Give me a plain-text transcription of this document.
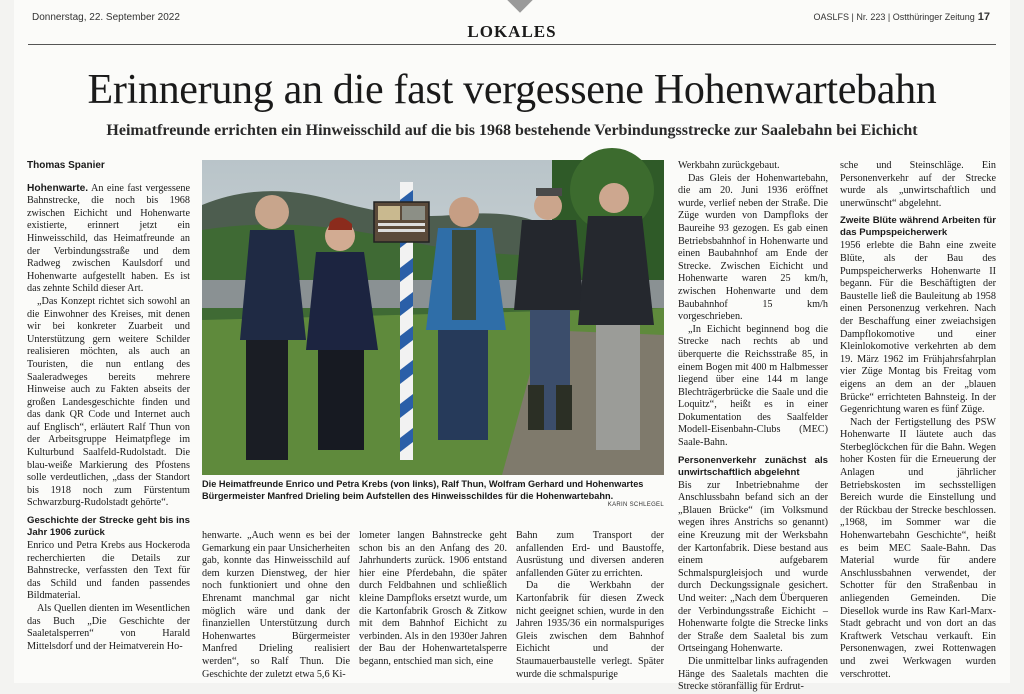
Donnerstag, 22. September 2022
LOKALES
OASLFS | Nr. 223 | Ostthüringer Zeitung 17
Erinnerung an die fast vergessene Hohenwartebahn
Heimatfreunde errichten ein Hinweisschild auf die bis 1968 bestehende Verbindungsstrecke zur Saalebahn bei Eichicht
Thomas Spanier

Hohenwarte. An eine fast vergessene Bahnstrecke, die noch bis 1968 zwischen Eichicht und Hohenwarte existierte, erinnert jetzt ein Hinweisschild, das Heimatfreunde an der Verbindungsstraße und dem Radweg zwischen Kaulsdorf und Hohenwarte aufgestellt haben. Es ist das zehnte Schild dieser Art.

„Das Konzept richtet sich sowohl an die Einwohner des Kreises, mit denen wir bei konkreter Zuarbeit und Unterstützung gern weitere Schilder realisieren möchten, als auch an Touristen, die nun entlang des Saaleradweges bereits mehrere Hinweise auch zu Fakten abseits der großen Landesgeschichte finden und das dank QR Code und Internet auch auf Englisch“, erläutert Ralf Thun von der Arbeitsgruppe Heimatpflege im Kulturbund Saalfeld-Rudolstadt. Die blau-weiße Markierung des Pfostens solle verdeutlichen, „dass der Standort bis 1918 noch zum Fürstentum Schwarzburg-Rudolstadt gehörte“.

Geschichte der Strecke geht bis ins Jahr 1906 zurück

Enrico und Petra Krebs aus Hockeroda recherchierten die Details zur Bahnstrecke, verfassten den Text für das Schild und fanden passendes Bildmaterial.

Als Quellen dienten im Wesentlichen das Buch „Die Geschichte der Saaletalsperren“ von Harald Mittelsdorf und der Heimatverein Ho-

Die Heimatfreunde Enrico und Petra Krebs (von links), Ralf Thun, Wolfram Gerhard und Hohenwartes Bürgermeister Manfred Drieling beim Aufstellen des Hinweisschildes für die Hohenwartebahn.
KARIN SCHLEGEL

henwarte. „Auch wenn es bei der Gemarkung ein paar Unsicherheiten gab, konnte das Hinweisschild auf dem kurzen Dienstweg, der hier noch funktioniert und ohne den Ehrenamt manchmal gar nicht möglich wäre und dank der finanziellen Unterstützung durch Hohenwartes Bürgermeister Manfred Drieling realisiert werden“, so Ralf Thun. Die Geschichte der zuletzt etwa 5,6 Ki-

lometer langen Bahnstrecke geht schon bis an den Anfang des 20. Jahrhunderts zurück. 1906 entstand hier eine Pferdebahn, die später durch Feldbahnen und schließlich kleine Dampfloks ersetzt wurde, um die Kartonfabrik Grosch & Zitkow mit dem Bahnhof Eichicht zu verbinden. Als in den 1930er Jahren der Bau der Hohenwartetalsperre begann, entschied man sich, eine

Bahn zum Transport der anfallenden Erd- und Baustoffe, Ausrüstung und diversen anderen anfallenden Güter zu errichten.

Da die Werkbahn der Kartonfabrik für diesen Zweck nicht geeignet schien, wurde in den Jahren 1935/36 ein normalspuriges Gleis zwischen dem Bahnhof Eichicht und der Staumauerbaustelle verlegt. Später wurde die schmalspurige

Werkbahn zurückgebaut.

Das Gleis der Hohenwartebahn, die am 20. Juni 1936 eröffnet wurde, verlief neben der Straße. Die Züge wurden von Dampfloks der Baureihe 93 gezogen. Es gab einen Betriebsbahnhof in Hohenwarte und einen Baubahnhof am Ende der Strecke. Zwischen Eichicht und Hohenwarte waren 25 km/h, zwischen Hohenwarte und dem Baubahnhof 15 km/h vorgeschrieben.

„In Eichicht beginnend bog die Strecke nach rechts ab und überquerte die Reichsstraße 85, in einem Bogen mit 400 m Halbmesser liegend über eine 144 m lange Blechträgerbrücke die Saale und die Loquitz“, heißt es in einer Dokumentation des Saalfelder Modell-Eisenbahn-Clubs (MEC) Saale-Bahn.

Personenverkehr zunächst als unwirtschaftlich abgelehnt

Bis zur Inbetriebnahme der Anschlussbahn befand sich an der „Blauen Brücke“ (im Volksmund wegen ihres Anstrichs so genannt) eine Kreuzung mit der Werksbahn der Kartonfabrik. Diese bestand aus einem aufgebarem Schmalspurgleisjoch und wurde durch Deckungssignale gesichert. Und weiter: „Nach dem Überqueren der Verbindungsstraße Eichicht – Hohenwarte folgte die Strecke links der Straße dem Saaletal bis zum Ortseingang Hohenwarte.

Die unmittelbar links aufragenden Hänge des Saaletals machten die Strecke störanfällig für Erdrut-

sche und Steinschläge. Ein Personenverkehr auf der Strecke wurde als „unwirtschaftlich und unerwünscht“ abgelehnt.

Zweite Blüte während Arbeiten für das Pumpspeicherwerk

1956 erlebte die Bahn eine zweite Blüte, als der Bau des Pumpspeicherwerks Hohenwarte II begann. Für die Beschäftigten der Baustelle ließ die Bauleitung ab 1958 einen Personenzug verkehren. Nach der Beschaffung einer zweiachsigen Dampflokomotive und einer Kleinlokomotive verkehrten ab dem 19. März 1962 im Frühjahrsfahrplan vier Züge Montag bis Freitag vom eigens an dem an der „blauen Brücke“ errichteten Bahnsteig. In der Gegenrichtung waren es fünf Züge.

Nach der Fertigstellung des PSW Hohenwarte II läutete auch das Sterbeglöckchen für die Bahn. Wegen hoher Kosten für die Erneuerung der Anlagen und jährlicher Betriebskosten im sechsstelligen Bereich wurde die Einstellung und der Rückbau der Strecke beschlossen. „1968, im Sommer war die Hohenwartebahn Geschichte“, heißt es beim MEC Saale-Bahn. Das Material wurde für andere Anschlussbahnen verwendet, der Schotter für den Straßenbau in anliegenden Gemeinden. Die Diesellok wurde ins Raw Karl-Marx-Stadt gebracht und von dort an das Kraftwerk Vetschau verkauft. Ein Personenwagen, zwei Rottenwagen und zwei Werkwagen wurden verschrottet.
